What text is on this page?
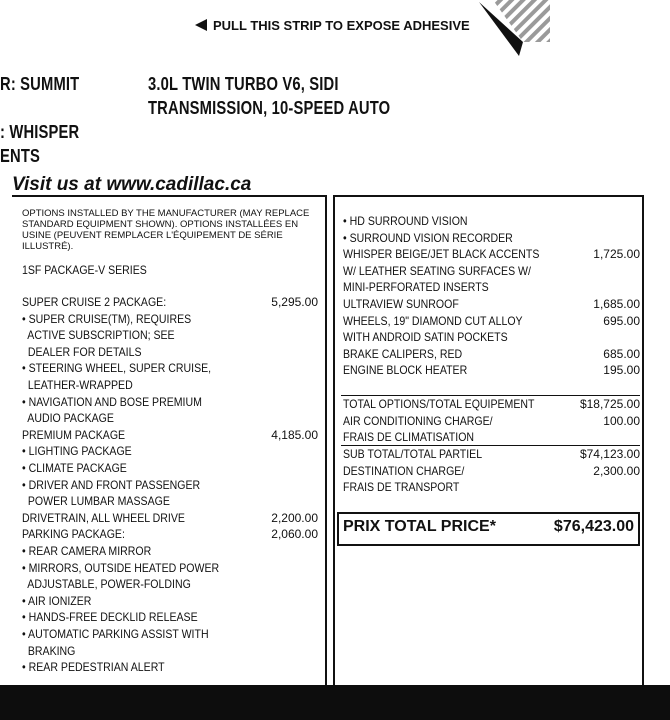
PULL THIS STRIP TO EXPOSE ADHESIVE
R: SUMMIT	3.0L TWIN TURBO V6, SIDI
TRANSMISSION, 10-SPEED AUTO
: WHISPER
ENTS
Visit us at www.cadillac.ca
OPTIONS INSTALLED BY THE MANUFACTURER (MAY REPLACE STANDARD EQUIPMENT SHOWN). OPTIONS INSTALLÉES EN USINE (PEUVENT REMPLACER L'ÉQUIPEMENT DE SÉRIE ILLUSTRÉ).
1SF PACKAGE-V SERIES
SUPER CRUISE 2 PACKAGE:	5,295.00
• SUPER CRUISE(TM), REQUIRES
ACTIVE SUBSCRIPTION; SEE
DEALER FOR DETAILS
• STEERING WHEEL, SUPER CRUISE,
LEATHER-WRAPPED
• NAVIGATION AND BOSE PREMIUM
AUDIO PACKAGE
PREMIUM PACKAGE	4,185.00
• LIGHTING PACKAGE
• CLIMATE PACKAGE
• DRIVER AND FRONT PASSENGER
POWER LUMBAR MASSAGE
DRIVETRAIN, ALL WHEEL DRIVE	2,200.00
PARKING PACKAGE:	2,060.00
• REAR CAMERA MIRROR
• MIRRORS, OUTSIDE HEATED POWER
ADJUSTABLE, POWER-FOLDING
• AIR IONIZER
• HANDS-FREE DECKLID RELEASE
• AUTOMATIC PARKING ASSIST WITH
BRAKING
• REAR PEDESTRIAN ALERT
• HD SURROUND VISION
• SURROUND VISION RECORDER
WHISPER BEIGE/JET BLACK ACCENTS	1,725.00
W/ LEATHER SEATING SURFACES W/
MINI-PERFORATED INSERTS
ULTRAVIEW SUNROOF	1,685.00
WHEELS, 19" DIAMOND CUT ALLOY	695.00
WITH ANDROID SATIN POCKETS
BRAKE CALIPERS, RED	685.00
ENGINE BLOCK HEATER	195.00
TOTAL OPTIONS/TOTAL EQUIPEMENT	$18,725.00
AIR CONDITIONING CHARGE/	100.00
FRAIS DE CLIMATISATION
SUB TOTAL/TOTAL PARTIEL	$74,123.00
DESTINATION CHARGE/	2,300.00
FRAIS DE TRANSPORT
PRIX TOTAL PRICE*	$76,423.00
